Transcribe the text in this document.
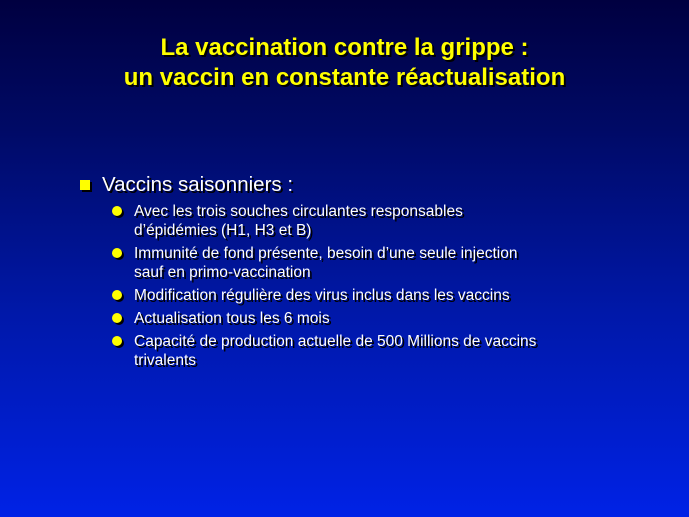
La vaccination contre la grippe :
un vaccin en constante réactualisation
Vaccins saisonniers :
Avec les trois souches circulantes responsables
d’épidémies (H1, H3 et B)
Immunité de fond présente, besoin d’une seule injection
sauf en primo-vaccination
Modification régulière des virus inclus dans les vaccins
Actualisation tous les 6 mois
Capacité de production actuelle de 500 Millions de vaccins
trivalents
